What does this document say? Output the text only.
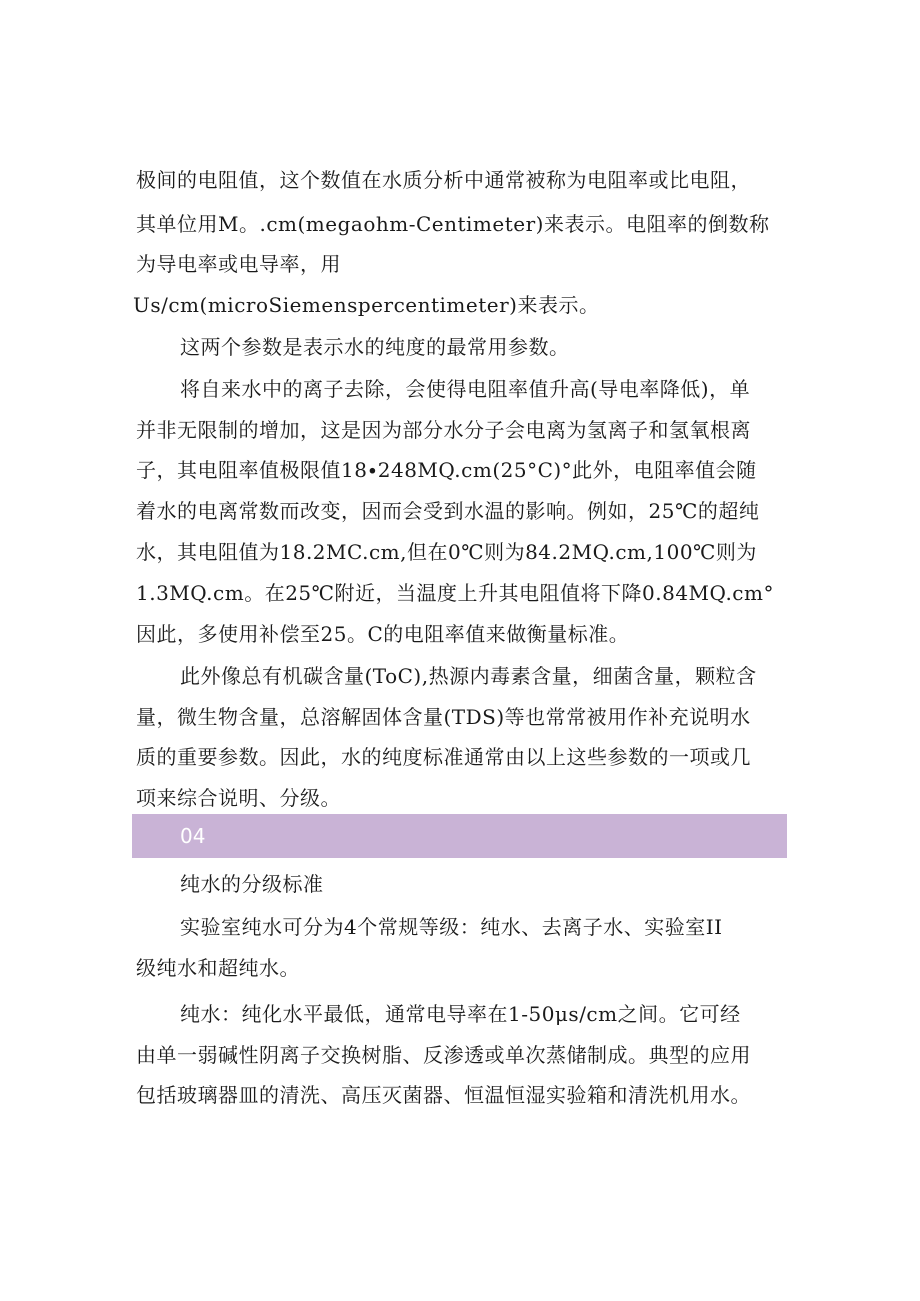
极间的电阻值，这个数值在水质分析中通常被称为电阻率或比电阻，
其单位用M。.cm(megaohm-Centimeter)来表示。电阻率的倒数称
为导电率或电导率，用
Us/cm(microSiemenspercentimeter)来表示。
这两个参数是表示水的纯度的最常用参数。
将自来水中的离子去除，会使得电阻率值升高(导电率降低)，单
并非无限制的增加，这是因为部分水分子会电离为氢离子和氢氧根离
子，其电阻率值极限值18∙248MQ.cm(25°C)°此外，电阻率值会随
着水的电离常数而改变，因而会受到水温的影响。例如，25℃的超纯
水，其电阻值为18.2MC.cm,但在0℃则为84.2MQ.cm,100℃则为
1.3MQ.cm。在25℃附近，当温度上升其电阻值将下降0.84MQ.cm°
因此，多使用补偿至25。C的电阻率值来做衡量标准。
此外像总有机碳含量(ToC),热源内毒素含量，细菌含量，颗粒含
量，微生物含量，总溶解固体含量(TDS)等也常常被用作补充说明水
质的重要参数。因此，水的纯度标准通常由以上这些参数的一项或几
项来综合说明、分级。
04
纯水的分级标准
实验室纯水可分为4个常规等级：纯水、去离子水、实验室II
级纯水和超纯水。
纯水：纯化水平最低，通常电导率在1-50μs/cm之间。它可经
由单一弱碱性阴离子交换树脂、反渗透或单次蒸储制成。典型的应用
包括玻璃器皿的清洗、高压灭菌器、恒温恒湿实验箱和清洗机用水。
